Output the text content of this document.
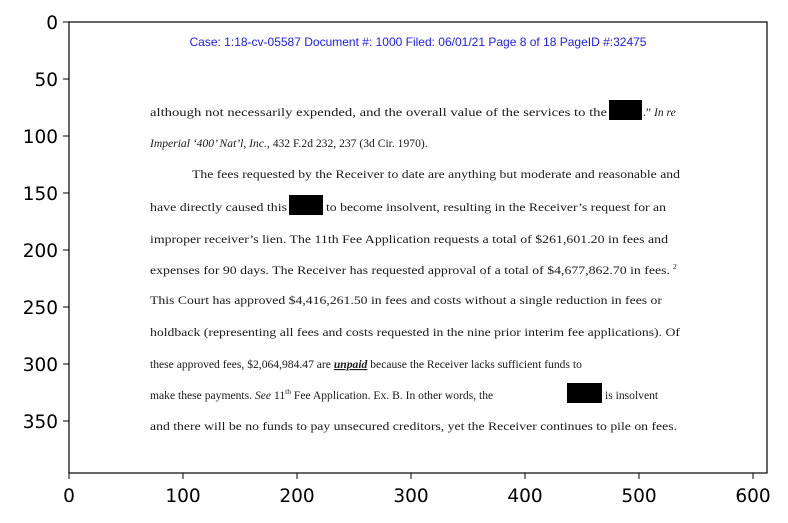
Case: 1:18-cv-05587 Document #: 1000 Filed: 06/01/21 Page 8 of 18 PageID #:32475
although not necessarily expended, and the overall value of the services to the	.” In re
Imperial ‘400’ Nat’l, Inc., 432 F.2d 232, 237 (3d Cir. 1970).
The fees requested by the Receiver to date are anything but moderate and reasonable and
have directly caused this	to become insolvent, resulting in the Receiver’s request for an
improper receiver’s lien. The 11th Fee Application requests a total of $261,601.20 in fees and
expenses for 90 days. The Receiver has requested approval of a total of $4,677,862.70 in fees. $^2$
This Court has approved $4,416,261.50 in fees and costs without a single reduction in fees or
holdback (representing all fees and costs requested in the nine prior interim fee applications). Of
these approved fees, $2,064,984.47 are unpaid because the Receiver lacks sufficient funds to
make these payments. See 11th Fee Application. Ex. B. In other words, the	is insolvent
and there will be no funds to pay unsecured creditors, yet the Receiver continues to pile on fees.
0	100	200	300	400	500	600
0
50
100
150
200
250
300
350
